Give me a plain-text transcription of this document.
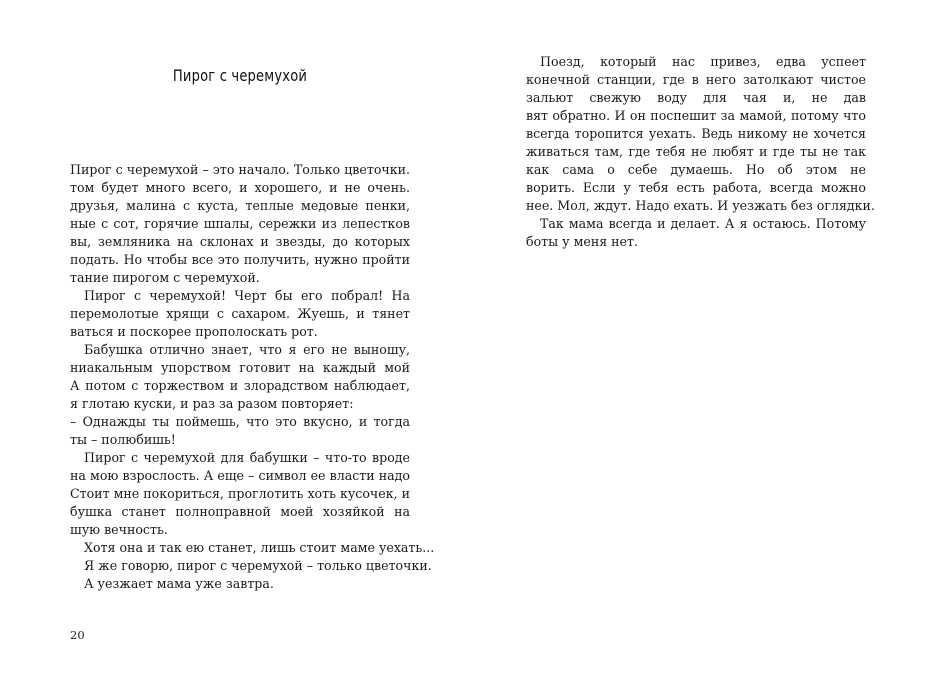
Пирог с черемухой
Пирог с черемухой – это начало. Только цветочки.
том будет много всего, и хорошего, и не очень.
друзья, малина с куста, теплые медовые пенки,
ные с сот, горячие шпалы, сережки из лепестков
вы, земляника на склонах и звезды, до которых
подать. Но чтобы все это получить, нужно пройти
тание пирогом с черемухой.
Пирог с черемухой! Черт бы его побрал! На
перемолотые хрящи с сахаром. Жуешь, и тянет
ваться и поскорее прополоскать рот.
Бабушка отлично знает, что я его не выношу,
ниакальным упорством готовит на каждый мой
А потом с торжеством и злорадством наблюдает,
я глотаю куски, и раз за разом повторяет:
– Однажды ты поймешь, что это вкусно, и тогда
ты – полюбишь!
Пирог с черемухой для бабушки – что-то вроде
на мою взрослость. А еще – символ ее власти надо
Стоит мне покориться, проглотить хоть кусочек, и
бушка станет полноправной моей хозяйкой на
шую вечность.
Хотя она и так ею станет, лишь стоит маме уехать...
Я же говорю, пирог с черемухой – только цветочки.
А уезжает мама уже завтра.
20
Поезд, который нас привез, едва успеет
конечной станции, где в него затолкают чистое
зальют свежую воду для чая и, не дав
вят обратно. И он поспешит за мамой, потому что
всегда торопится уехать. Ведь никому не хочется
живаться там, где тебя не любят и где ты не так
как сама о себе думаешь. Но об этом не
ворить. Если у тебя есть работа, всегда можно
нее. Мол, ждут. Надо ехать. И уезжать без оглядки.
Так мама всегда и делает. А я остаюсь. Потому
боты у меня нет.
